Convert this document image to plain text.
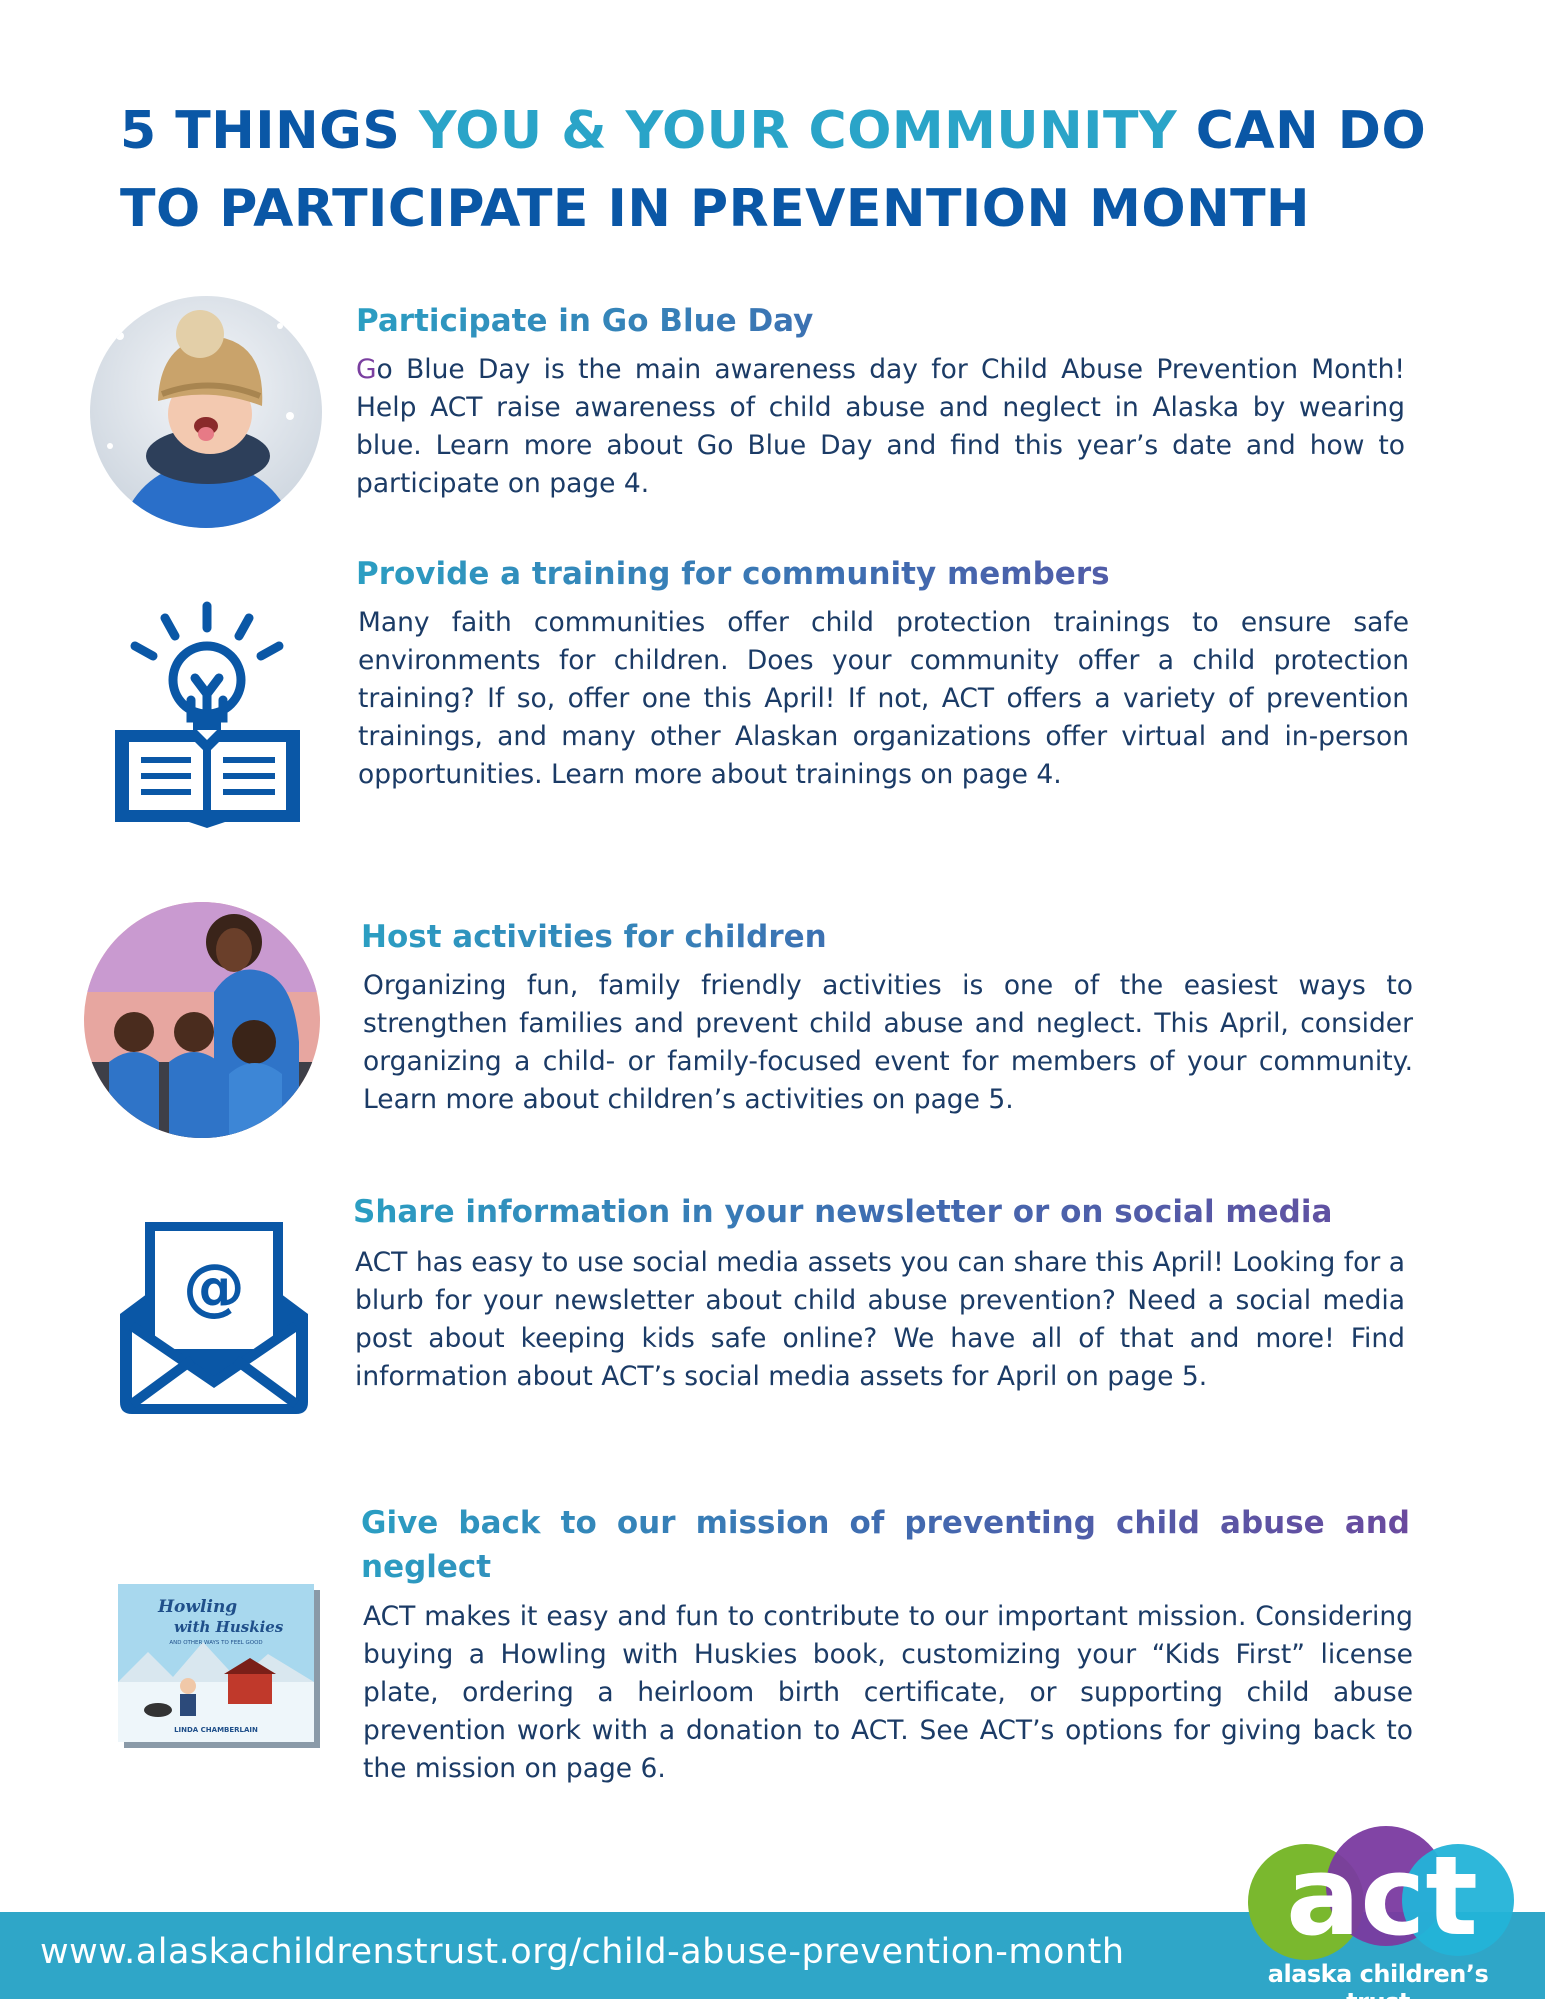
5 THINGS YOU & YOUR COMMUNITY CAN DO
TO PARTICIPATE IN PREVENTION MONTH
Participate in Go Blue Day

Go Blue Day is the main awareness day for Child Abuse Prevention Month! Help ACT raise awareness of child abuse and neglect in Alaska by wearing blue. Learn more about Go Blue Day and find this year’s date and how to participate on page 4.

Provide a training for community members

Many faith communities offer child protection trainings to ensure safe environments for children. Does your community offer a child protection training? If so, offer one this April! If not, ACT offers a variety of prevention trainings, and many other Alaskan organizations offer virtual and in-person opportunities. Learn more about trainings on page 4.

Host activities for children

Organizing fun, family friendly activities is one of the easiest ways to strengthen families and prevent child abuse and neglect. This April, consider organizing a child- or family-focused event for members of your community. Learn more about children’s activities on page 5.

@
Share information in your newsletter or on social media

ACT has easy to use social media assets you can share this April! Looking for a blurb for your newsletter about child abuse prevention? Need a social media post about keeping kids safe online? We have all of that and more! Find information about ACT’s social media assets for April on page 5.

Howling
with Huskies
AND OTHER WAYS TO FEEL GOOD
LINDA CHAMBERLAIN
Give back to our mission of preventing child abuse and neglect

ACT makes it easy and fun to contribute to our important mission. Considering buying a Howling with Huskies book, customizing your “Kids First” license plate, ordering a heirloom birth certificate, or supporting child abuse prevention work with a donation to ACT. See ACT’s options for giving back to the mission on page 6.

www.alaskachildrenstrust.org/child-abuse-prevention-month act
alaska children’s trust
